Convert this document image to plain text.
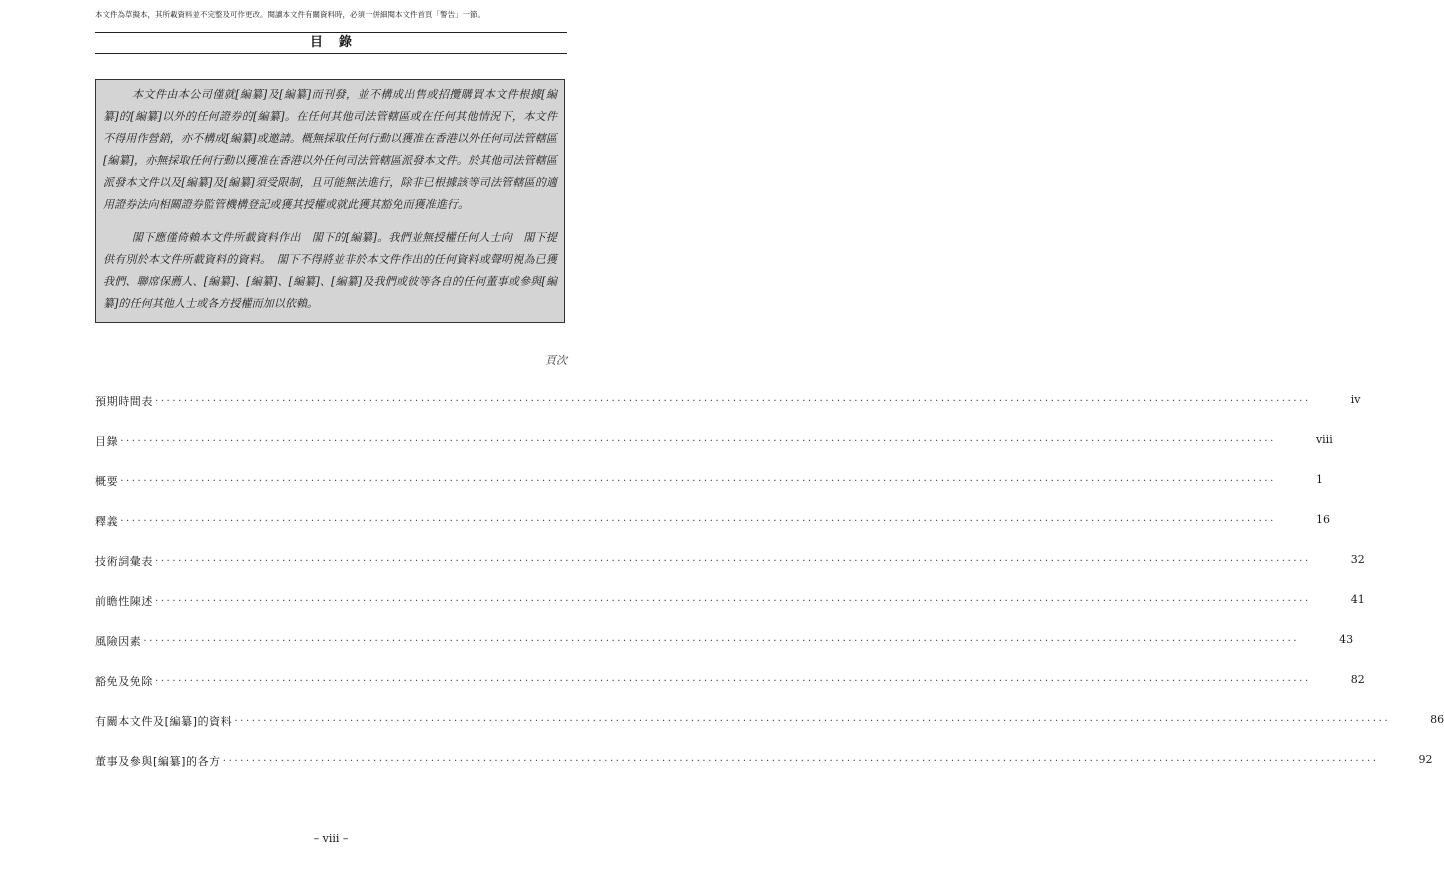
本文件為草擬本，其所載資料並不完整及可作更改。閱讀本文件有關資料時，必須一併細閱本文件首頁「警告」一節。
目錄

本文件由本公司僅就[編纂]及[編纂]而刊發，並不構成出售或招攬購買本文件根據[編纂]的[編纂]以外的任何證券的[編纂]。在任何其他司法管轄區或在任何其他情況下，本文件不得用作營銷，亦不構成[編纂]或邀請。概無採取任何行動以獲准在香港以外任何司法管轄區[編纂]，亦無採取任何行動以獲准在香港以外任何司法管轄區派發本文件。於其他司法管轄區派發本文件以及[編纂]及[編纂]須受限制，且可能無法進行，除非已根據該等司法管轄區的適用證券法向相關證券監管機構登記或獲其授權或就此獲其豁免而獲准進行。

閣下應僅倚賴本文件所載資料作出　閣下的[編纂]。我們並無授權任何人士向　閣下提供有別於本文件所載資料的資料。　閣下不得將並非於本文件作出的任何資料或聲明視為已獲我們、聯席保薦人、[編纂]、[編纂]、[編纂]、[編纂]及我們或彼等各自的任何董事或參與[編纂]的任何其他人士或各方授權而加以依賴。

頁次
預期時間表 ........................................................................................................................................................................................................	iv
目錄 ........................................................................................................................................................................................................	viii
概要 ........................................................................................................................................................................................................	1
釋義 ........................................................................................................................................................................................................	16
技術詞彙表 ........................................................................................................................................................................................................	32
前瞻性陳述 ........................................................................................................................................................................................................	41
風險因素 ........................................................................................................................................................................................................	43
豁免及免除 ........................................................................................................................................................................................................	82
有關本文件及[編纂]的資料 ........................................................................................................................................................................................................	86
董事及參與[編纂]的各方 ........................................................................................................................................................................................................	92
– viii –
